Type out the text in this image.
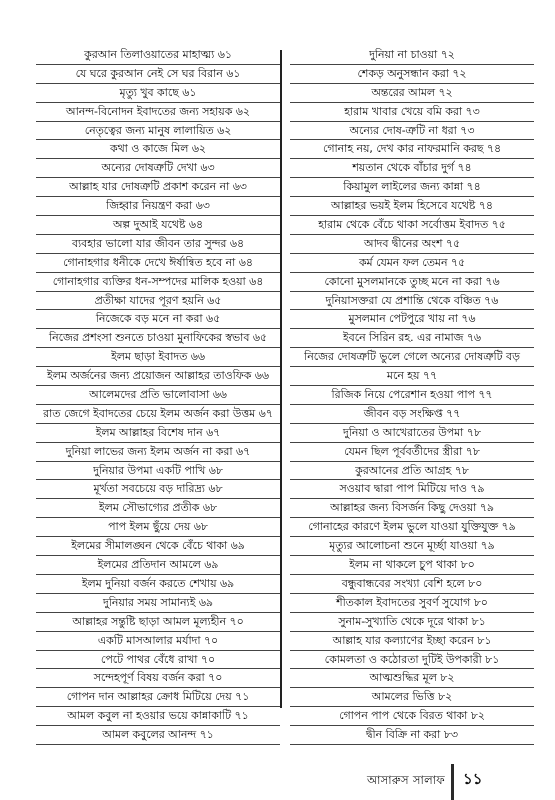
কুরআন তিলাওয়াতের মাহাত্ম্য ৬১
যে ঘরে কুরআন নেই সে ঘর বিরান ৬১
মৃত্যু খুব কাছে ৬১
আনন্দ-বিনোদন ইবাদতের জন্য সহায়ক ৬২
নেতৃত্বের জন্য মানুষ লালায়িত ৬২
কথা ও কাজে মিল ৬২
অন্যের দোষত্রুটি দেখা ৬৩
আল্লাহ যার দোষত্রুটি প্রকাশ করেন না ৬৩
জিহ্বার নিয়ন্ত্রণ করা ৬৩
অল্প দুআই যথেষ্ট ৬৪
ব্যবহার ভালো যার জীবন তার সুন্দর ৬৪
গোনাহগার ধনীকে দেখে ঈর্ষান্বিত হবে না ৬৪
গোনাহগার ব্যক্তির ধন-সম্পদের মালিক হওয়া ৬৪
প্রতীক্ষা যাদের পূরণ হয়নি ৬৫
নিজেকে বড় মনে না করা ৬৫
নিজের প্রশংসা শুনতে চাওয়া মুনাফিকের স্বভাব ৬৫
ইলম ছাড়া ইবাদত ৬৬
ইলম অর্জনের জন্য প্রয়োজন আল্লাহর তাওফিক ৬৬
আলেমদের প্রতি ভালোবাসা ৬৬
রাত জেগে ইবাদতের চেয়ে ইলম অর্জন করা উত্তম ৬৭
ইলম আল্লাহর বিশেষ দান ৬৭
দুনিয়া লাভের জন্য ইলম অর্জন না করা ৬৭
দুনিয়ার উপমা একটি পাখি ৬৮
মূর্খতা সবচেয়ে বড় দারিদ্র্য ৬৮
ইলম সৌভাগ্যের প্রতীক ৬৮
পাপ ইলম ছুঁয়ে দেয় ৬৮
ইলমের সীমালঙ্ঘন থেকে বেঁচে থাকা ৬৯
ইলমের প্রতিদান আমলে ৬৯
ইলম দুনিয়া বর্জন করতে শেখায় ৬৯
দুনিয়ার সময় সামান্যই ৬৯
আল্লাহর সন্তুষ্টি ছাড়া আমল মূল্যহীন ৭০
একটি মাসআলার মর্যাদা ৭০
পেটে পাথর বেঁধে রাখা ৭০
সন্দেহপূর্ণ বিষয় বর্জন করা ৭০
গোপন দান আল্লাহর ক্রোধ মিটিয়ে দেয় ৭১
আমল কবুল না হওয়ার ভয়ে কান্নাকাটি ৭১
আমল কবুলের আনন্দ ৭১
দুনিয়া না চাওয়া ৭২
শেকড় অনুসন্ধান করা ৭২
অন্তরের আমল ৭২
হারাম খাবার খেয়ে বমি করা ৭৩
অন্যের দোষ-ত্রুটি না ধরা ৭৩
গোনাহ নয়, দেখ কার নাফরমানি করছ ৭৪
শয়তান থেকে বাঁচার দুর্গ ৭৪
কিয়ামুল লাইলের জন্য কান্না ৭৪
আল্লাহর ভয়ই ইলম হিসেবে যথেষ্ট ৭৪
হারাম থেকে বেঁচে থাকা সর্বোত্তম ইবাদত ৭৫
আদব দ্বীনের অংশ ৭৫
কর্ম যেমন ফল তেমন ৭৫
কোনো মুসলমানকে তুচ্ছ মনে না করা ৭৬
দুনিয়াসক্তরা যে প্রশান্তি থেকে বঞ্চিত ৭৬
মুসলমান পেটপুরে খায় না ৭৬
ইবনে সিরিন রহ. এর নামাজ ৭৬
নিজের দোষত্রুটি ভুলে গেলে অন্যের দোষত্রুটি বড়
মনে হয় ৭৭
রিজিক নিয়ে পেরেশান হওয়া পাপ ৭৭
জীবন বড় সংক্ষিপ্ত ৭৭
দুনিয়া ও আখেরাতের উপমা ৭৮
যেমন ছিল পূর্ববর্তীদের স্ত্রীরা ৭৮
কুরআনের প্রতি আগ্রহ ৭৮
সওয়াব দ্বারা পাপ মিটিয়ে দাও ৭৯
আল্লাহর জন্য বিসর্জন কিছু দেওয়া ৭৯
গোনাহের কারণে ইলম ভুলে যাওয়া যুক্তিযুক্ত ৭৯
মৃত্যুর আলোচনা শুনে মূর্চ্ছা যাওয়া ৭৯
ইলম না থাকলে চুপ থাকা ৮০
বন্ধুবান্ধবের সংখ্যা বেশি হলে ৮০
শীতকাল ইবাদতের সুবর্ণ সুযোগ ৮০
সুনাম-সুখ্যাতি থেকে দূরে থাকা ৮১
আল্লাহ যার কল্যাণের ইচ্ছা করেন ৮১
কোমলতা ও কঠোরতা দুটিই উপকারী ৮১
আত্মশুদ্ধির মূল ৮২
আমলের ভিত্তি ৮২
গোপন পাপ থেকে বিরত থাকা ৮২
দ্বীন বিক্রি না করা ৮৩
আসারুস সালাফ ১১
